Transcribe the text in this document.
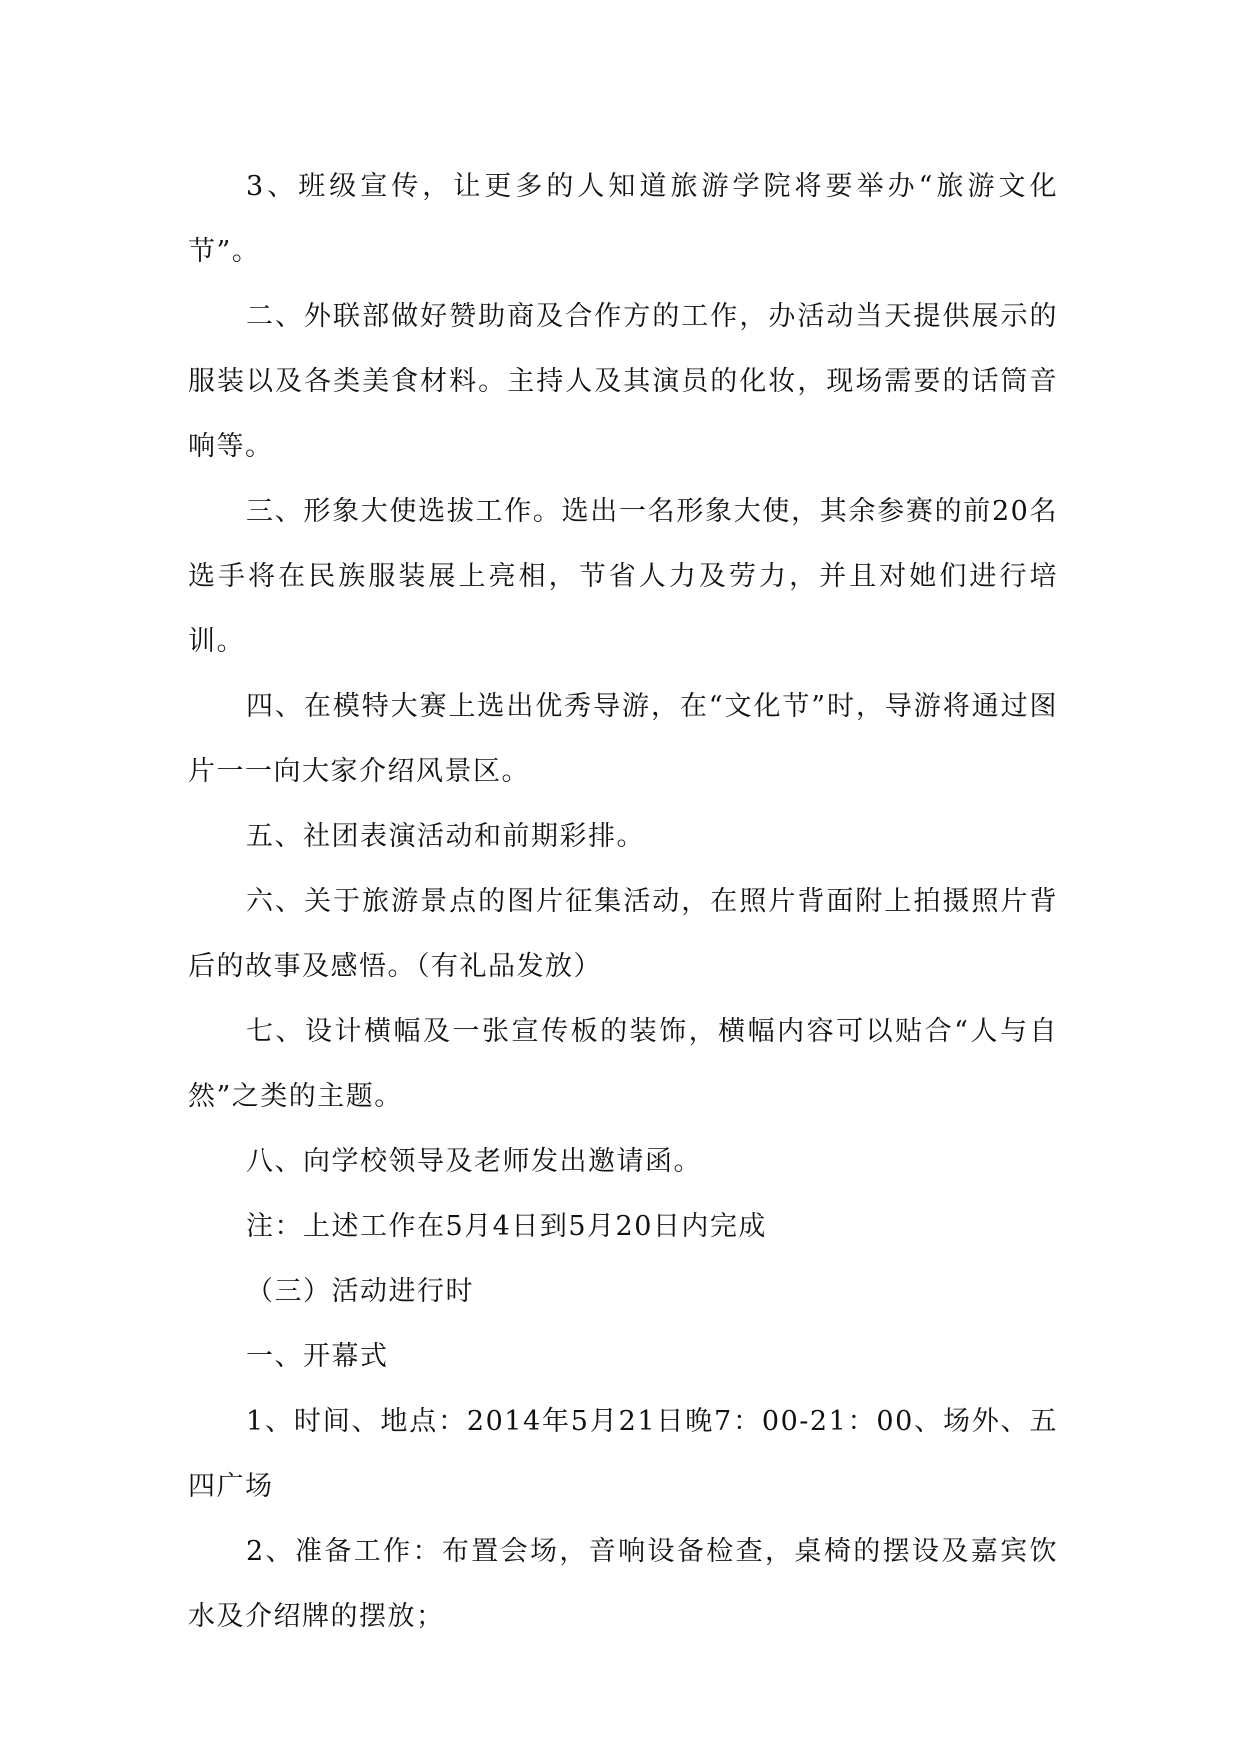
3、班级宣传，让更多的人知道旅游学院将要举办“旅游文化节”。

二、外联部做好赞助商及合作方的工作，办活动当天提供展示的服装以及各类美食材料。主持人及其演员的化妆，现场需要的话筒音响等。

三、形象大使选拔工作。选出一名形象大使，其余参赛的前20名选手将在民族服装展上亮相，节省人力及劳力，并且对她们进行培训。

四、在模特大赛上选出优秀导游，在“文化节”时，导游将通过图片一一向大家介绍风景区。

五、社团表演活动和前期彩排。

六、关于旅游景点的图片征集活动，在照片背面附上拍摄照片背后的故事及感悟。（有礼品发放）

七、设计横幅及一张宣传板的装饰，横幅内容可以贴合“人与自然”之类的主题。

八、向学校领导及老师发出邀请函。

注：上述工作在5月4日到5月20日内完成

（三）活动进行时

一、开幕式

1、时间、地点：2014年5月21日晚7：00-21：00、场外、五四广场

2、准备工作：布置会场，音响设备检查，桌椅的摆设及嘉宾饮水及介绍牌的摆放；
